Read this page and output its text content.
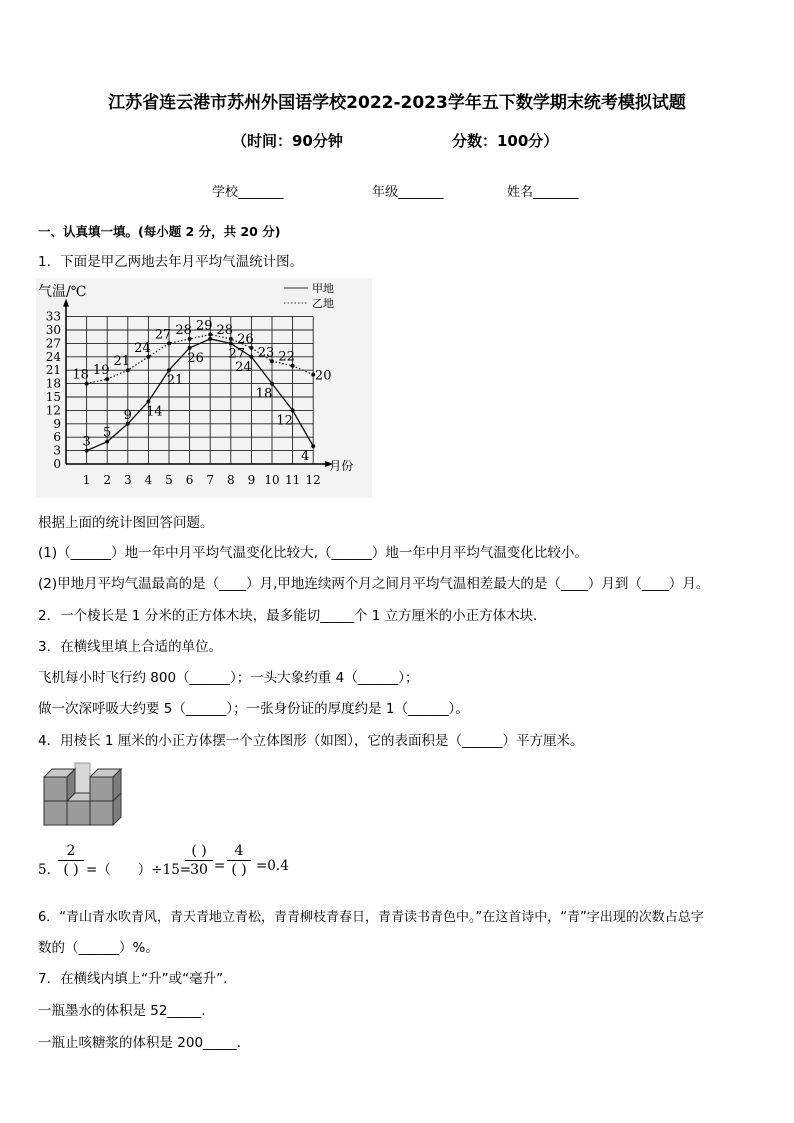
江苏省连云港市苏州外国语学校2022-2023学年五下数学期末统考模拟试题
（时间：90分钟	分数：100分）
学校_______	年级_______	姓名_______
一、认真填一填。(每小题 2 分，共 20 分)
1．下面是甲乙两地去年月平均气温统计图。
0
3
6
9
12
15
18
21
24
27
30
33
1 2 3 4 5 6 7 8 9 10 11 12
气温/℃
月份
甲地
乙地
3
5
9 14
21
26 27
24
18
12
4
18 19
21
24
27 28 29 28
26
23 22
20
根据上面的统计图回答问题。
(1)（______）地一年中月平均气温变化比较大,（______）地一年中月平均气温变化比较小。
(2)甲地月平均气温最高的是（____）月,甲地连续两个月之间月平均气温相差最大的是（____）月到（____）月。
2．一个棱长是 1 分米的正方体木块，最多能切_____个 1 立方厘米的小正方体木块．
3．在横线里填上合适的单位。
飞机每小时飞行约 800（______）；一头大象约重 4（______）；
做一次深呼吸大约要 5（______）；一张身份证的厚度约是 1（______）。
4．用棱长 1 厘米的小正方体摆一个立体图形（如图），它的表面积是（______）平方厘米。
5．
2
( ) =（　　）÷15=
( )
30 =
4
( ) =0.4
6．“青山青水吹青风，青天青地立青松，青青柳枝青春日，青青读书青色中。”在这首诗中，“青”字出现的次数占总字
数的（______）%。
7．在横线内填上“升”或“毫升”．
一瓶墨水的体积是 52_____.
一瓶止咳糖浆的体积是 200_____.
